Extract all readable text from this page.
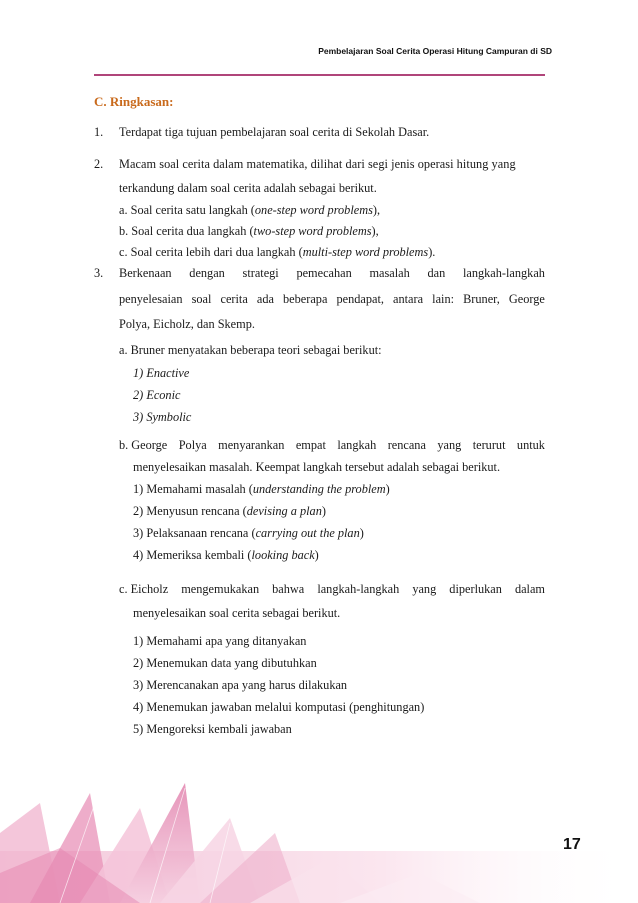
Pembelajaran Soal Cerita Operasi Hitung Campuran di SD
C. Ringkasan:
1. Terdapat tiga tujuan pembelajaran soal cerita di Sekolah Dasar.
2. Macam soal cerita dalam matematika, dilihat dari segi jenis operasi hitung yang
terkandung dalam soal cerita adalah sebagai berikut.
a. Soal cerita satu langkah (one-step word problems),
b. Soal cerita dua langkah (two-step word problems),
c. Soal cerita lebih dari dua langkah (multi-step word problems).
3. Berkenaan dengan strategi pemecahan masalah dan langkah-langkah
penyelesaian soal cerita ada beberapa pendapat, antara lain: Bruner, George
Polya, Eicholz, dan Skemp.
a. Bruner menyatakan beberapa teori sebagai berikut:
1) Enactive
2) Econic
3) Symbolic
b. George Polya menyarankan empat langkah rencana yang terurut untuk
menyelesaikan masalah. Keempat langkah tersebut adalah sebagai berikut.
1) Memahami masalah (understanding the problem)
2) Menyusun rencana (devising a plan)
3) Pelaksanaan rencana (carrying out the plan)
4) Memeriksa kembali (looking back)
c. Eicholz mengemukakan bahwa langkah-langkah yang diperlukan dalam
menyelesaikan soal cerita sebagai berikut.
1) Memahami apa yang ditanyakan
2) Menemukan data yang dibutuhkan
3) Merencanakan apa yang harus dilakukan
4) Menemukan jawaban melalui komputasi (penghitungan)
5) Mengoreksi kembali jawaban
17
